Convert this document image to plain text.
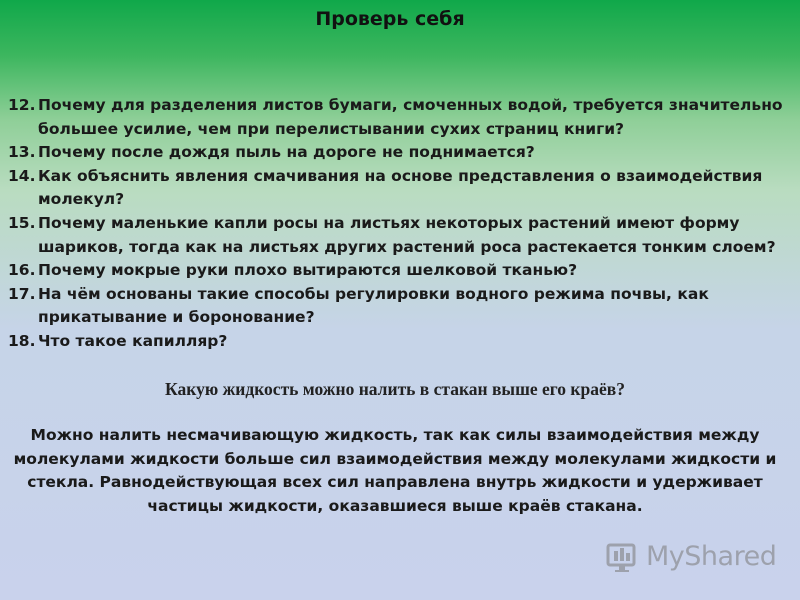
Проверь себя
12. Почему для разделения листов бумаги, смоченных водой, требуется значительно большее усилие, чем при перелистывании сухих страниц книги?
13. Почему после дождя пыль на дороге не поднимается?
14. Как объяснить явления смачивания на основе представления о взаимодействия молекул?
15. Почему маленькие капли росы на листьях некоторых растений имеют форму шариков, тогда как на листьях других растений роса растекается тонким слоем?
16. Почему мокрые руки плохо вытираются шелковой тканью?
17. На чём основаны такие способы регулировки водного режима почвы, как прикатывание и боронование?
18. Что такое капилляр?
Какую жидкость можно налить в стакан выше его краёв?
Можно налить несмачивающую жидкость, так как силы взаимодействия между молекулами жидкости больше сил взаимодействия между молекулами жидкости и стекла. Равнодействующая всех сил направлена внутрь жидкости и удерживает частицы жидкости, оказавшиеся выше краёв стакана.
MyShared
